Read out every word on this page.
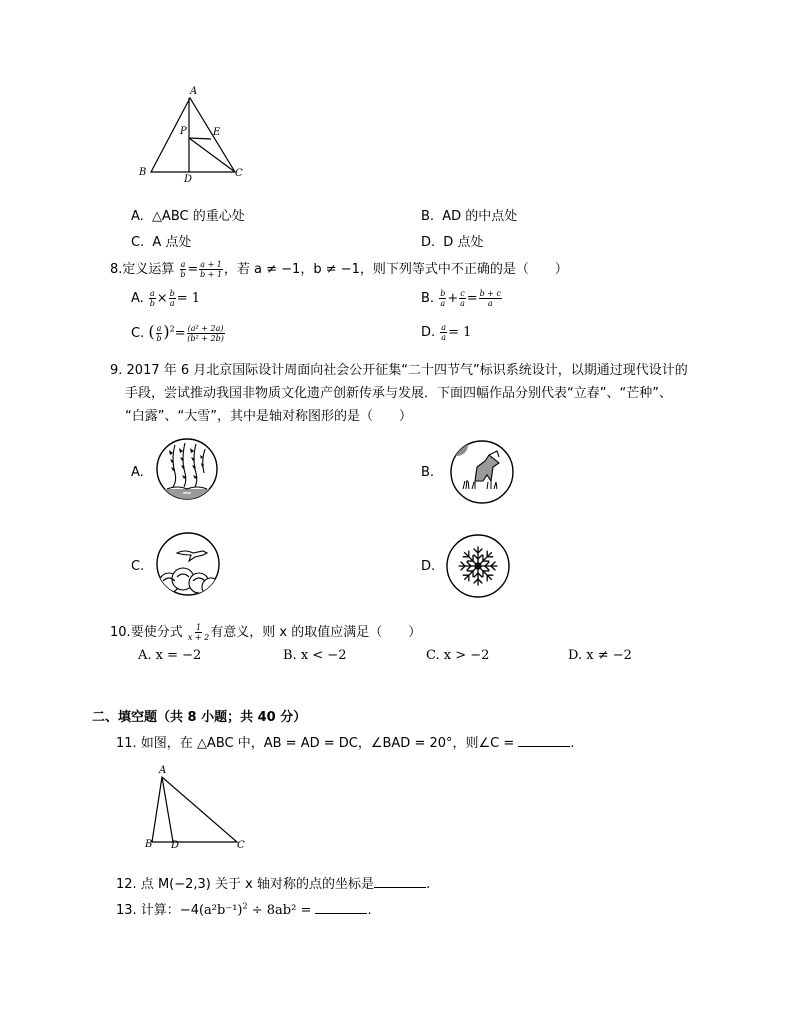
A
P	E
B
D
C
A. △ABC 的重心处	B. AD 的中点处
C. A 点处	D. D 点处
8.定义运算 $\frac{a}{b} = \frac{a + 1}{b + 1}$ ，若 a ≠ −1，b ≠ −1，则下列等式中不正确的是（　　）
A. $\frac{a}{b} \times \frac{b}{a} = 1$	B. $\frac{b}{a} + \frac{c}{a} = \frac{b + c}{a}$
C. ( $\frac{a}{b} )^2= \frac{\text{(a² + 2a)}}{\text{(b² + 2b)}}$	D. $\frac{a}{a} = 1$
9. 2017 年 6 月北京国际设计周面向社会公开征集“二十四节气”标识系统设计，以期通过现代设计的
手段，尝试推动我国非物质文化遗产创新传承与发展．下面四幅作品分别代表“立春”、“芒种”、
“白露”、“大雪”，其中是轴对称图形的是（　　）
A.	B.
C.	D.
10.要使分式 $\frac{1}{x + 2}$ 有意义，则 x 的取值应满足（　　）
A. x = −2	B. x < −2	C. x > −2	D. x ≠ −2
二、填空题（共 8 小题；共 40 分）
11. 如图，在 △ABC 中，AB = AD = DC，∠BAD = 20°，则∠C =	.
A
B D	C
12. 点 M(−2,3) 关于 x 轴对称的点的坐标是	.
13. 计算：$-4(a^2b^{-1})^2 \div 8ab^2$ =	.
